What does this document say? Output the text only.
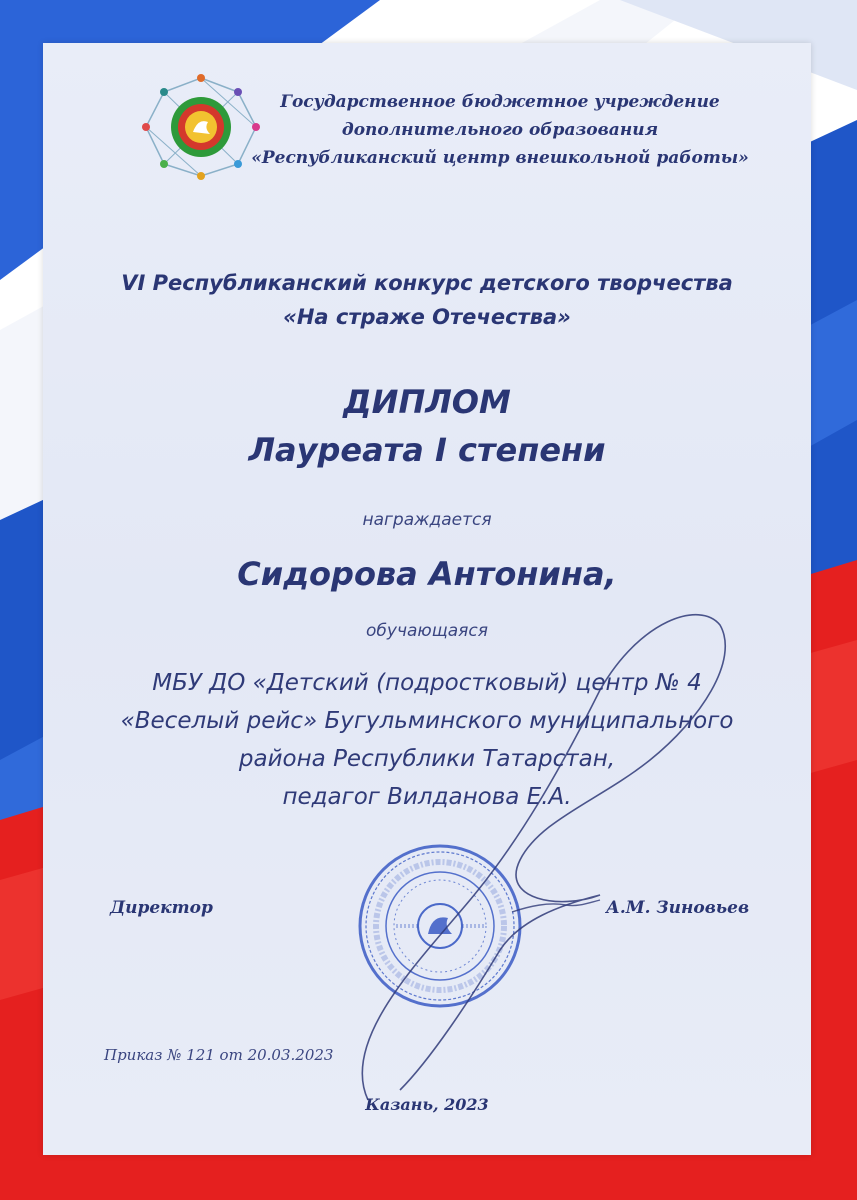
Государственное бюджетное учреждение
дополнительного образования
«Республиканский центр внешкольной работы»
VI Республиканский конкурс детского творчества
«На страже Отечества»
ДИПЛОМ
Лауреата I степени
награждается
Сидорова Антонина,
обучающаяся
МБУ ДО «Детский (подростковый) центр № 4
«Веселый рейс» Бугульминского муниципального
района Республики Татарстан,
педагог Вилданова Е.А.
Директор	А.М. Зиновьев
Приказ № 121 от 20.03.2023
Казань, 2023
